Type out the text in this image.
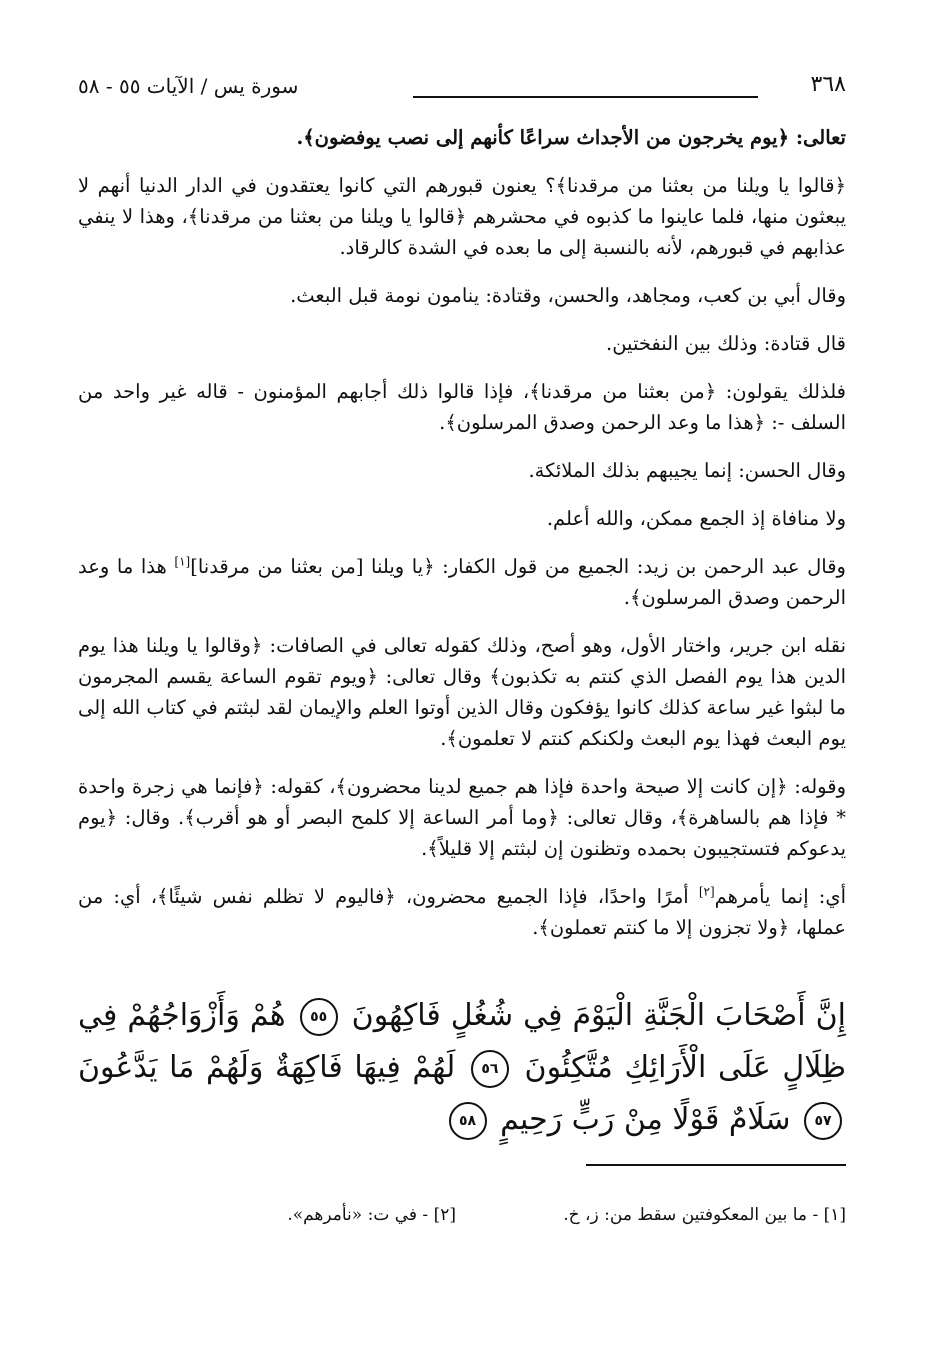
٣٦٨
سورة يس / الآيات ٥٥ - ٥٨

تعالى: ﴿يوم يخرجون من الأجداث سراعًا كأنهم إلى نصب يوفضون﴾.

﴿قالوا يا ويلنا من بعثنا من مرقدنا﴾؟ يعنون قبورهم التي كانوا يعتقدون في الدار الدنيا أنهم لا يبعثون منها، فلما عاينوا ما كذبوه في محشرهم ﴿قالوا يا ويلنا من بعثنا من مرقدنا﴾، وهذا لا ينفي عذابهم في قبورهم، لأنه بالنسبة إلى ما بعده في الشدة كالرقاد.

وقال أبي بن كعب، ومجاهد، والحسن، وقتادة: ينامون نومة قبل البعث.

قال قتادة: وذلك بين النفختين.

فلذلك يقولون: ﴿من بعثنا من مرقدنا﴾، فإذا قالوا ذلك أجابهم المؤمنون - قاله غير واحد من السلف -: ﴿هذا ما وعد الرحمن وصدق المرسلون﴾.

وقال الحسن: إنما يجيبهم بذلك الملائكة.

ولا منافاة إذ الجمع ممكن، والله أعلم.

وقال عبد الرحمن بن زيد: الجميع من قول الكفار: ﴿يا ويلنا [من بعثنا من مرقدنا][١] هذا ما وعد الرحمن وصدق المرسلون﴾.

نقله ابن جرير، واختار الأول، وهو أصح، وذلك كقوله تعالى في الصافات: ﴿وقالوا يا ويلنا هذا يوم الدين هذا يوم الفصل الذي كنتم به تكذبون﴾ وقال تعالى: ﴿ويوم تقوم الساعة يقسم المجرمون ما لبثوا غير ساعة كذلك كانوا يؤفكون وقال الذين أوتوا العلم والإيمان لقد لبثتم في كتاب الله إلى يوم البعث فهذا يوم البعث ولكنكم كنتم لا تعلمون﴾.

وقوله: ﴿إن كانت إلا صيحة واحدة فإذا هم جميع لدينا محضرون﴾، كقوله: ﴿فإنما هي زجرة واحدة * فإذا هم بالساهرة﴾، وقال تعالى: ﴿وما أمر الساعة إلا كلمح البصر أو هو أقرب﴾. وقال: ﴿يوم يدعوكم فتستجيبون بحمده وتظنون إن لبثتم إلا قليلاً﴾.

أي: إنما يأمرهم[٢] أمرًا واحدًا، فإذا الجميع محضرون، ﴿فاليوم لا تظلم نفس شيئًا﴾، أي: من عملها، ﴿ولا تجزون إلا ما كنتم تعملون﴾.

إِنَّ أَصْحَابَ الْجَنَّةِ الْيَوْمَ فِي شُغُلٍ فَاكِهُونَ ٥٥ هُمْ وَأَزْوَاجُهُمْ فِي ظِلَالٍ عَلَى الْأَرَائِكِ مُتَّكِئُونَ ٥٦ لَهُمْ فِيهَا فَاكِهَةٌ وَلَهُمْ مَا يَدَّعُونَ ٥٧ سَلَامٌ قَوْلًا مِنْ رَبٍّ رَحِيمٍ ٥٨
[١] - ما بين المعكوفتين سقط من: ز، خ.
[٢] - في ت: «نأمرهم».
